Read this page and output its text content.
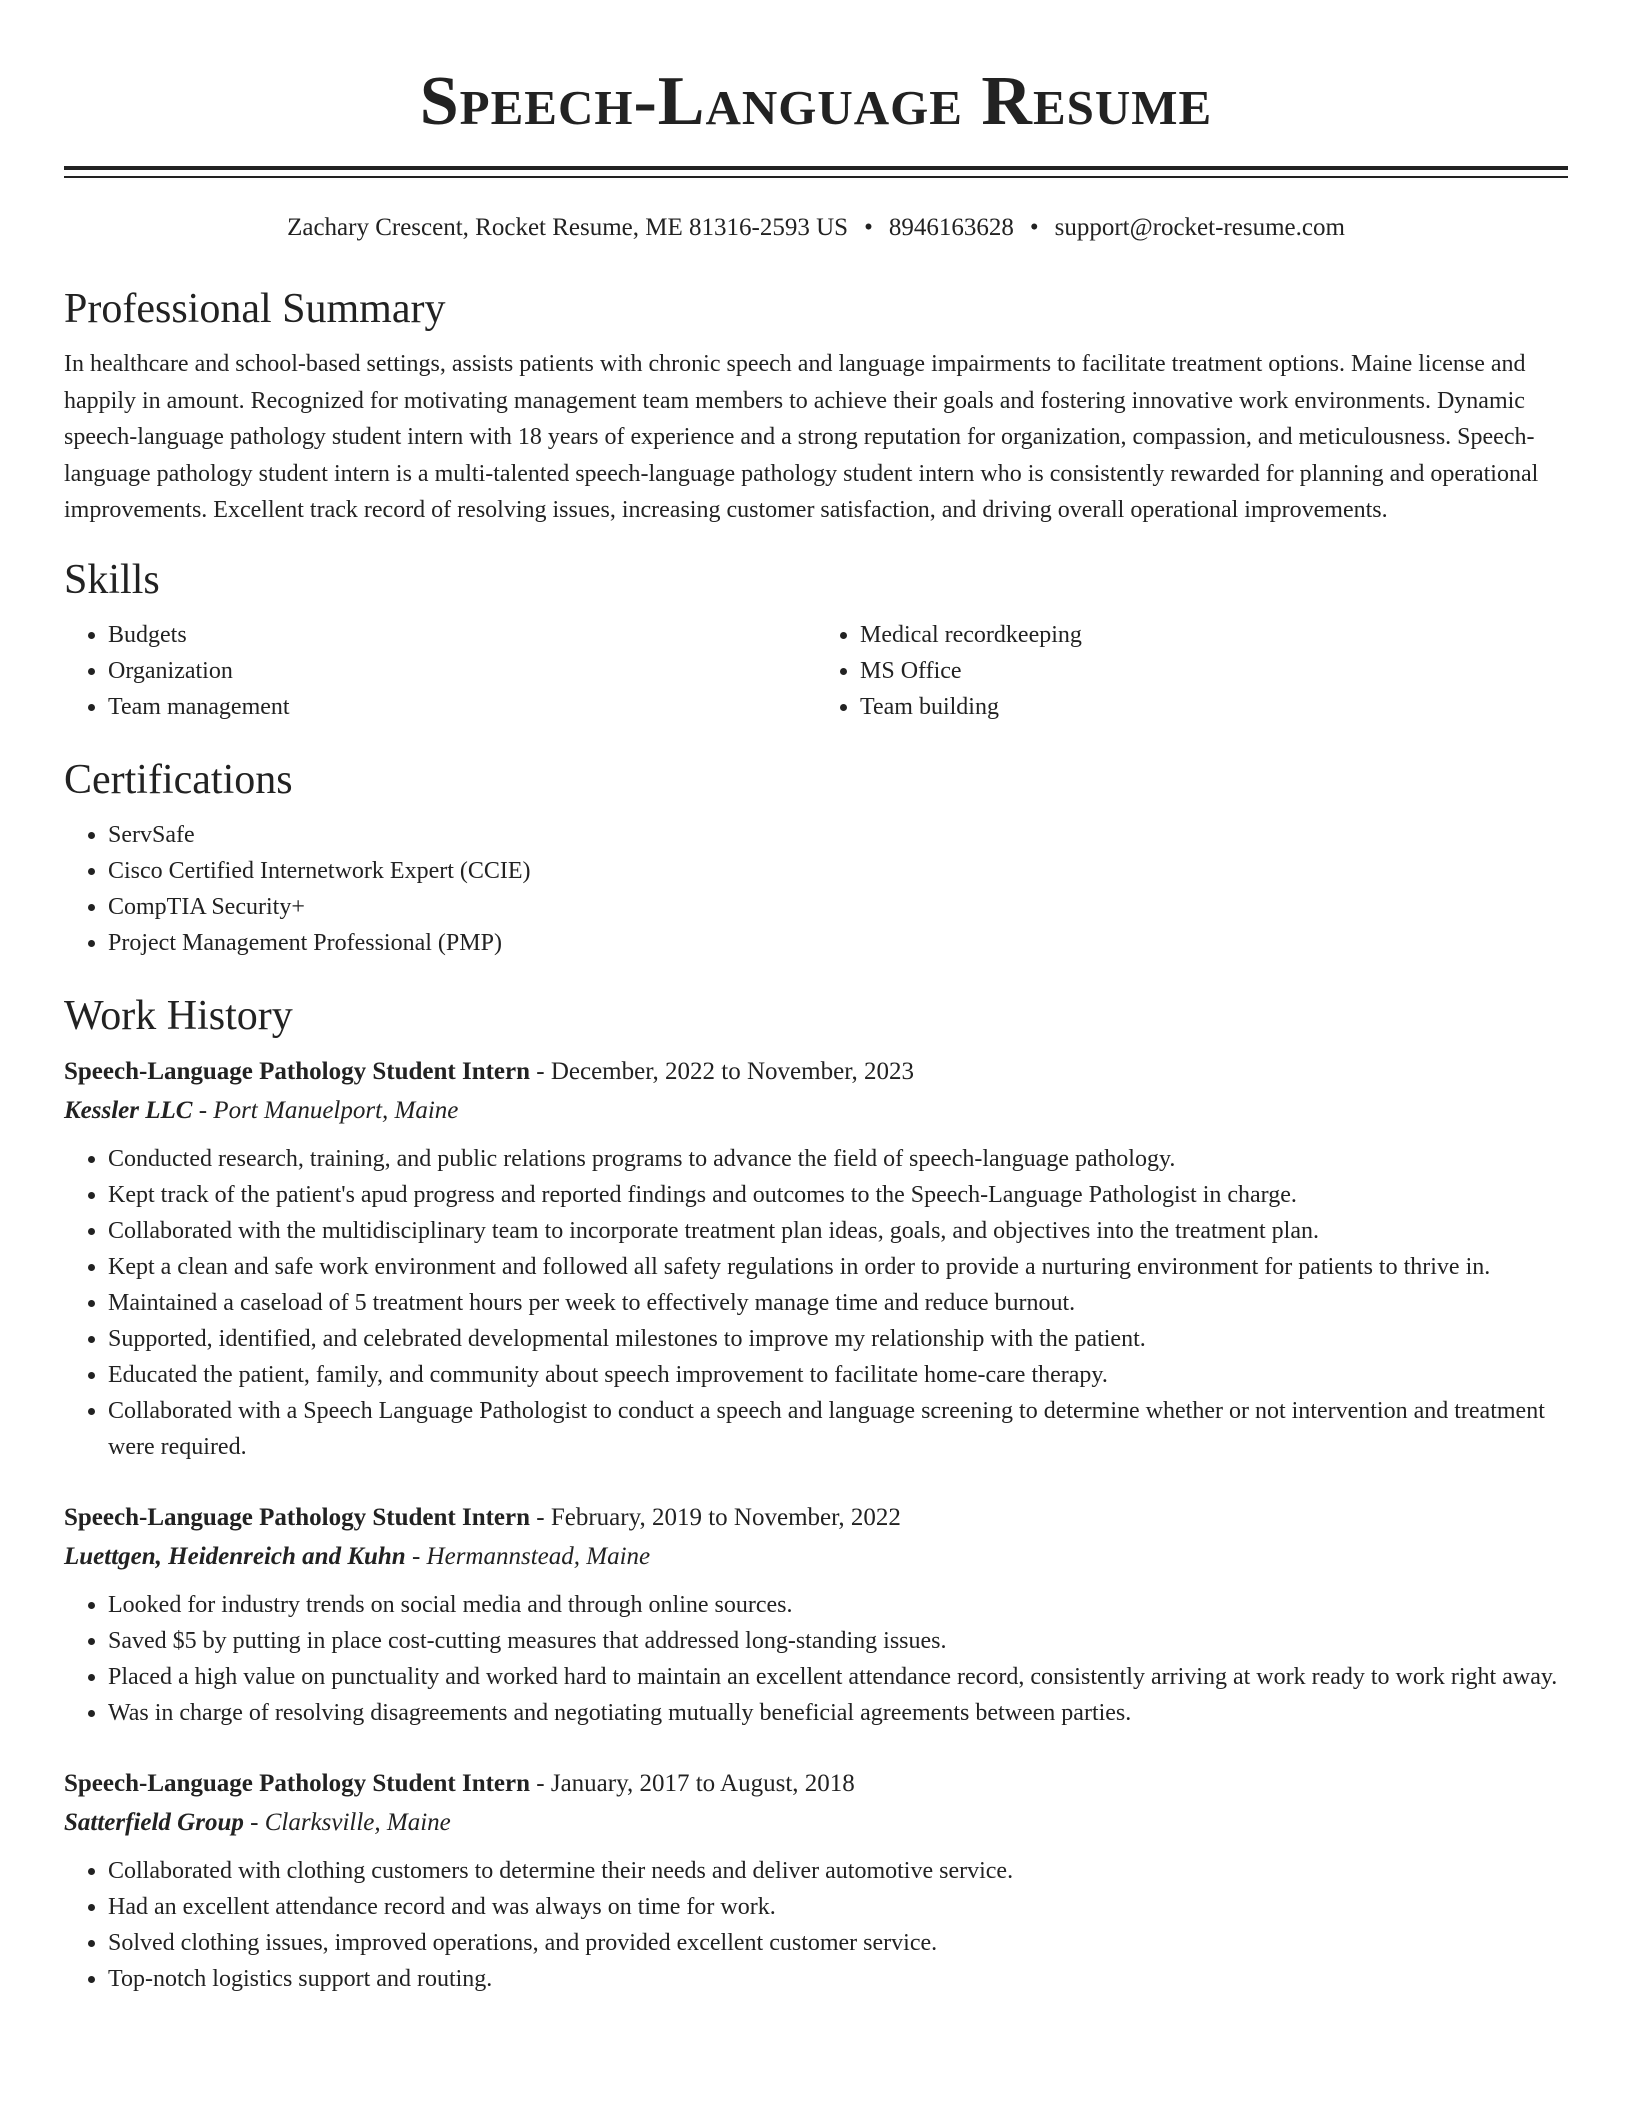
Speech-Language Resume
Zachary Crescent, Rocket Resume, ME 81316-2593 US • 8946163628 • support@rocket-resume.com
Professional Summary

In healthcare and school-based settings, assists patients with chronic speech and language impairments to facilitate treatment options. Maine license and happily in amount. Recognized for motivating management team members to achieve their goals and fostering innovative work environments. Dynamic speech-language pathology student intern with 18 years of experience and a strong reputation for organization, compassion, and meticulousness. Speech-language pathology student intern is a multi-talented speech-language pathology student intern who is consistently rewarded for planning and operational improvements. Excellent track record of resolving issues, increasing customer satisfaction, and driving overall operational improvements.

Skills
• Budgets
• Organization
• Team management
• Medical recordkeeping
• MS Office
• Team building
Certifications
• ServSafe
• Cisco Certified Internetwork Expert (CCIE)
• CompTIA Security+
• Project Management Professional (PMP)
Work History
Speech-Language Pathology Student Intern - December, 2022 to November, 2023
Kessler LLC - Port Manuelport, Maine
• Conducted research, training, and public relations programs to advance the field of speech-language pathology.
• Kept track of the patient's apud progress and reported findings and outcomes to the Speech-Language Pathologist in charge.
• Collaborated with the multidisciplinary team to incorporate treatment plan ideas, goals, and objectives into the treatment plan.
• Kept a clean and safe work environment and followed all safety regulations in order to provide a nurturing environment for patients to thrive in.
• Maintained a caseload of 5 treatment hours per week to effectively manage time and reduce burnout.
• Supported, identified, and celebrated developmental milestones to improve my relationship with the patient.
• Educated the patient, family, and community about speech improvement to facilitate home-care therapy.
• Collaborated with a Speech Language Pathologist to conduct a speech and language screening to determine whether or not intervention and treatment were required.
Speech-Language Pathology Student Intern - February, 2019 to November, 2022
Luettgen, Heidenreich and Kuhn - Hermannstead, Maine
• Looked for industry trends on social media and through online sources.
• Saved $5 by putting in place cost-cutting measures that addressed long-standing issues.
• Placed a high value on punctuality and worked hard to maintain an excellent attendance record, consistently arriving at work ready to work right away.
• Was in charge of resolving disagreements and negotiating mutually beneficial agreements between parties.
Speech-Language Pathology Student Intern - January, 2017 to August, 2018
Satterfield Group - Clarksville, Maine
• Collaborated with clothing customers to determine their needs and deliver automotive service.
• Had an excellent attendance record and was always on time for work.
• Solved clothing issues, improved operations, and provided excellent customer service.
• Top-notch logistics support and routing.
